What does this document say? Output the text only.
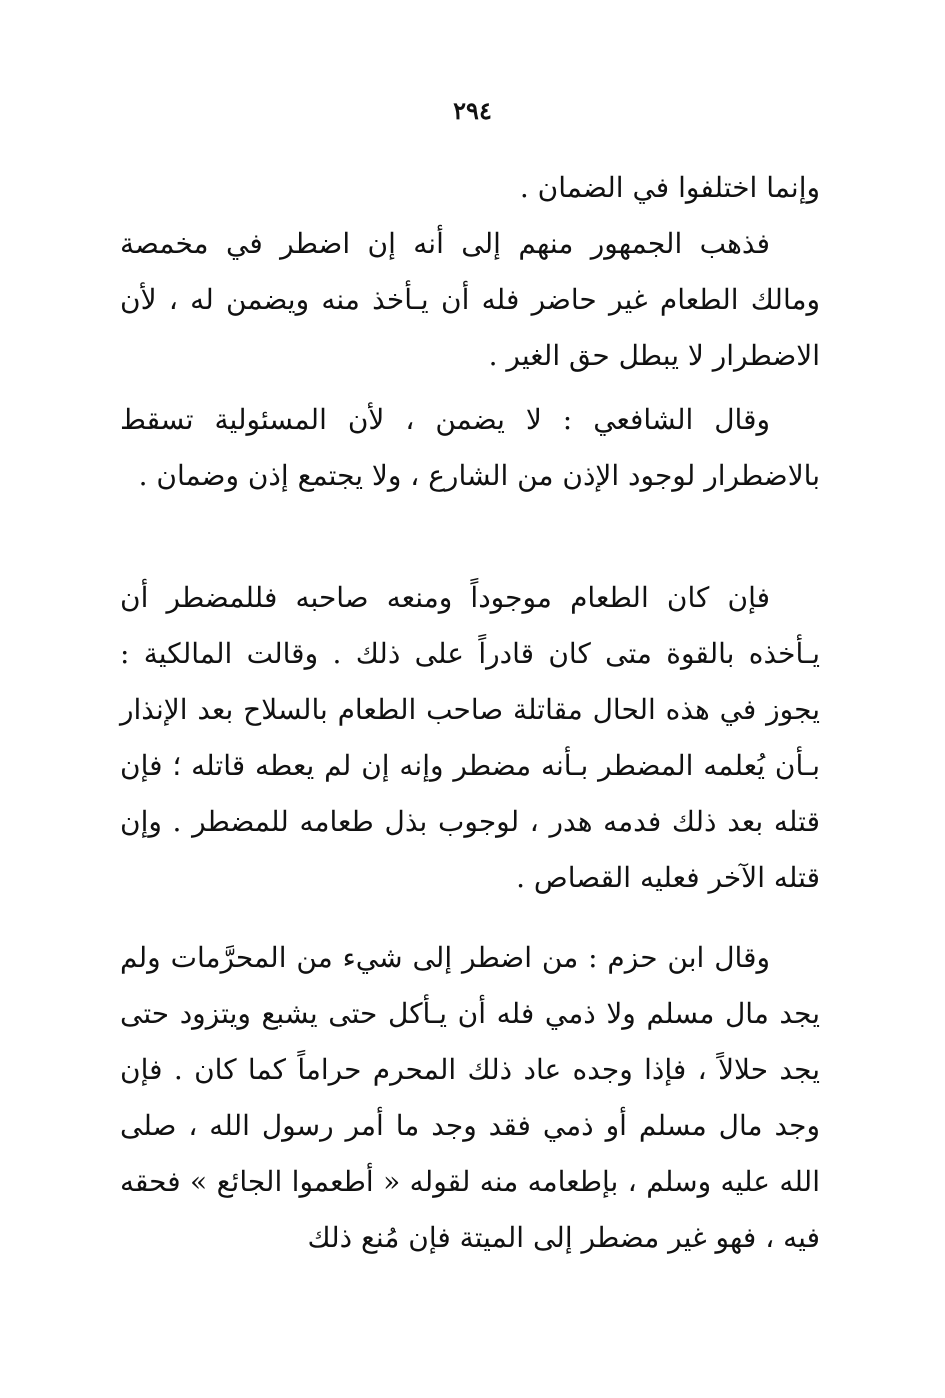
٢٩٤

وإنما اختلفوا في الضمان .

فذهب الجمهور منهم إلى أنه إن اضطر في مخمصة ومالك الطعام غير حاضر فله أن يـأخذ منه ويضمن له ، لأن الاضطرار لا يبطل حق الغير .

وقال الشافعي : لا يضمن ، لأن المسئولية تسقط بالاضطرار لوجود الإذن من الشارع ، ولا يجتمع إذن وضمان .

فإن كان الطعام موجوداً ومنعه صاحبه فللمضطر أن يـأخذه بالقوة متى كان قادراً على ذلك . وقالت المالكية : يجوز في هذه الحال مقاتلة صاحب الطعام بالسلاح بعد الإنذار بـأن يُعلمه المضطر بـأنه مضطر وإنه إن لم يعطه قاتله ؛ فإن قتله بعد ذلك فدمه هدر ، لوجوب بذل طعامه للمضطر . وإن قتله الآخر فعليه القصاص .

وقال ابن حزم : من اضطر إلى شيء من المحرَّمات ولم يجد مال مسلم ولا ذمي فله أن يـأكل حتى يشبع ويتزود حتى يجد حلالاً ، فإذا وجده عاد ذلك المحرم حراماً كما كان . فإن وجد مال مسلم أو ذمي فقد وجد ما أمر رسول الله ، صلى الله عليه وسلم ، بإطعامه منه لقوله « أطعموا الجائع » فحقه فيه ، فهو غير مضطر إلى الميتة فإن مُنع ذلك
